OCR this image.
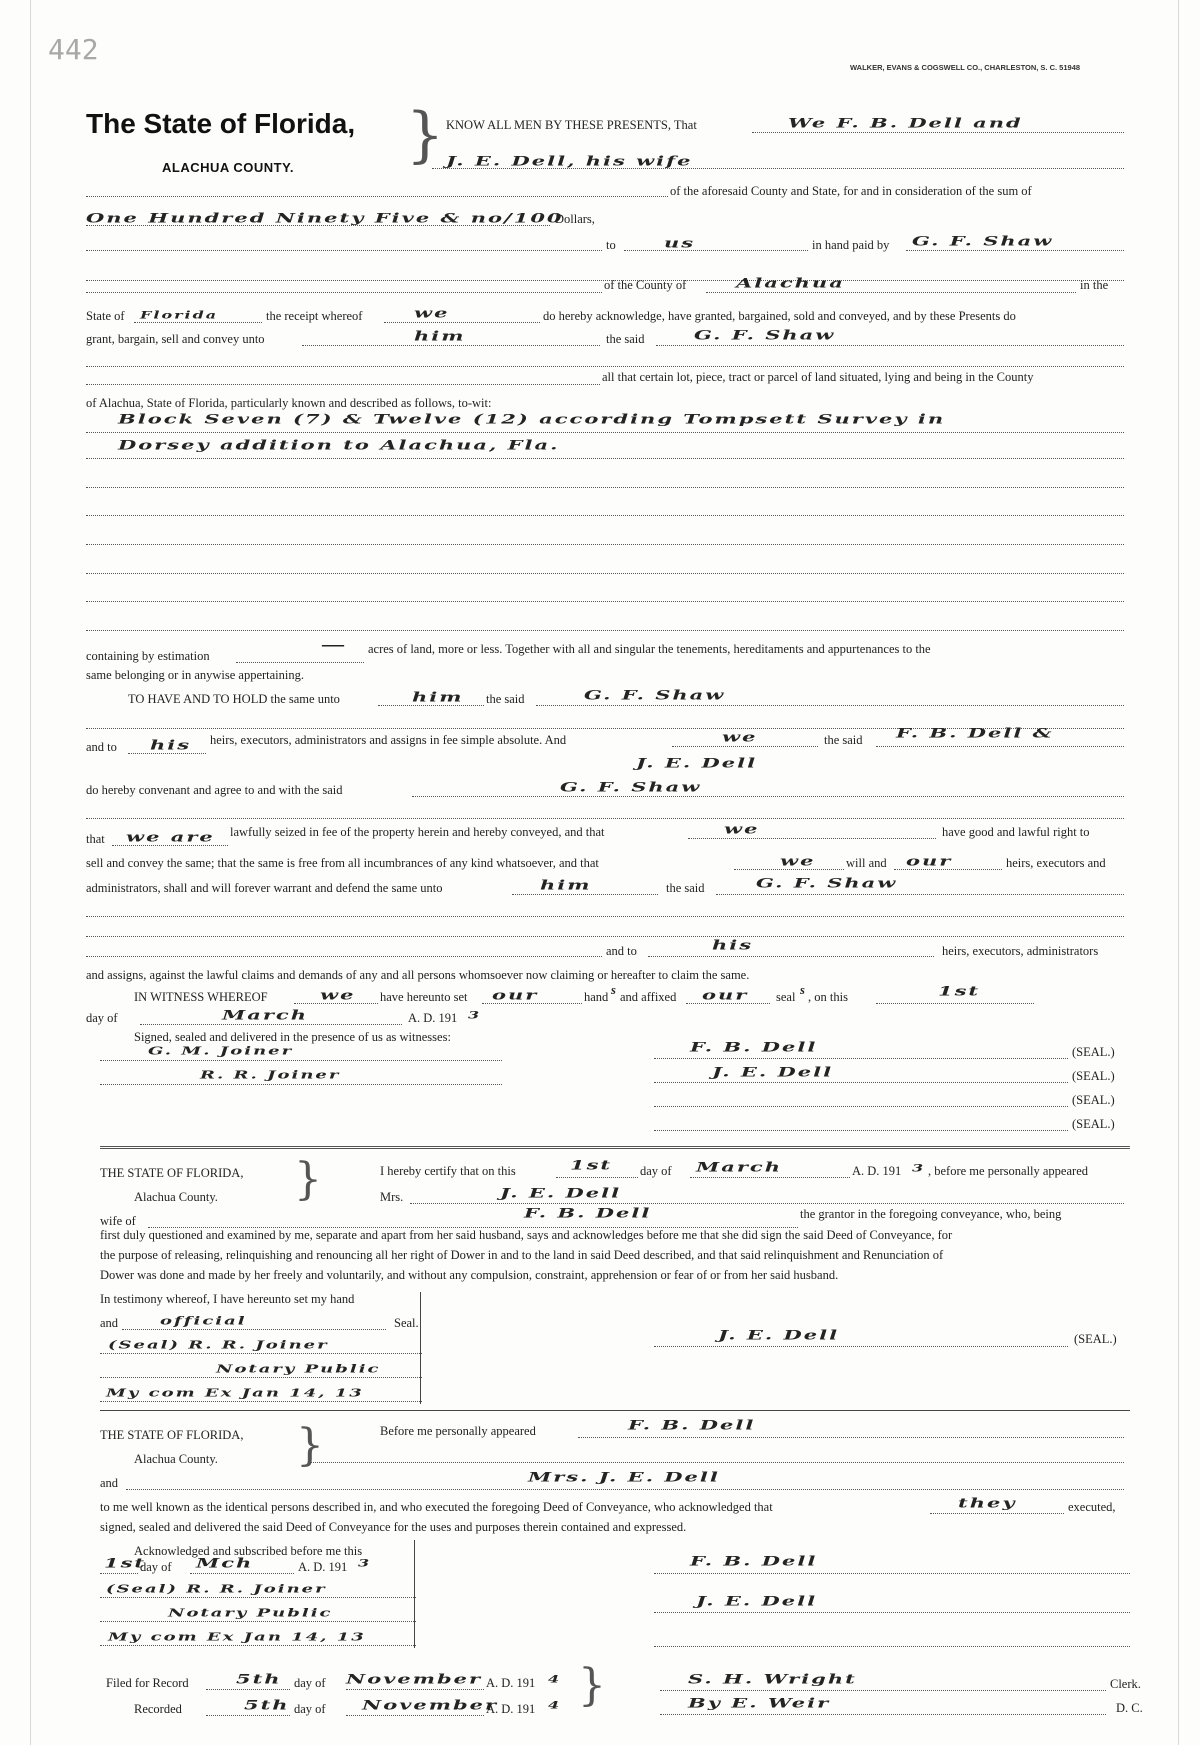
442
WALKER, EVANS & COGSWELL CO., CHARLESTON, S. C. 51948
The State of Florida,
ALACHUA COUNTY. } KNOW ALL MEN BY THESE PRESENTS, That	We F. B. Dell and
J. E. Dell, his wife
of the aforesaid County and State, for and in consideration of the sum of
One Hundred Ninety Five & no/100
Dollars,
to us	in hand paid by G. F. Shaw
of the County of Alachua	in the
State of Florida	the receipt whereof we	do hereby acknowledge, have granted, bargained, sold and conveyed, and by these Presents do
grant, bargain, sell and convey unto	him	the said G. F. Shaw
all that certain lot, piece, tract or parcel of land situated, lying and being in the County
of Alachua, State of Florida, particularly known and described as follows, to-wit:
Block Seven (7) & Twelve (12) according Tompsett Survey in
Dorsey addition to Alachua, Fla.
containing by estimation	— acres of land, more or less. Together with all and singular the tenements, hereditaments and appurtenances to the
same belonging or in anywise appertaining.
TO HAVE AND TO HOLD the same unto	him the said	G. F. Shaw
and to his heirs, executors, administrators and assigns in fee simple absolute. And	we	the said F. B. Dell &
J. E. Dell
do hereby convenant and agree to and with the said	G. F. Shaw
that we are lawfully seized in fee of the property herein and hereby conveyed, and that	we	have good and lawful right to
sell and convey the same; that the same is free from all incumbrances of any kind whatsoever, and that	we will and our	heirs, executors and
administrators, shall and will forever warrant and defend the same unto	him	the said G. F. Shaw
and to	his	heirs, executors, administrators
and assigns, against the lawful claims and demands of any and all persons whomsoever now claiming or hereafter to claim the same.
IN WITNESS WHEREOF we have hereunto set our	hand s and affixed our seal s , on this	1st
day of	March	A. D. 191 3
Signed, sealed and delivered in the presence of us as witnesses:
G. M. Joiner
R. R. Joiner
F. B. Dell	(SEAL.)
J. E. Dell	(SEAL.)
(SEAL.)
(SEAL.)
THE STATE OF FLORIDA, }
Alachua County.
I hereby certify that on this	1st day of March	A. D. 191 3 , before me personally appeared
Mrs.	J. E. Dell
wife of
F. B. Dell	the grantor in the foregoing conveyance, who, being
first duly questioned and examined by me, separate and apart from her said husband, says and acknowledges before me that she did sign the said Deed of Conveyance, for
the purpose of releasing, relinquishing and renouncing all her right of Dower in and to the land in said Deed described, and that said relinquishment and Renunciation of
Dower was done and made by her freely and voluntarily, and without any compulsion, constraint, apprehension or fear of or from her said husband.
In testimony whereof, I have hereunto set my hand
and official	Seal.
(Seal) R. R. Joiner
Notary Public
My com Ex Jan 14, 13
J. E. Dell	(SEAL.)
THE STATE OF FLORIDA, }
Alachua County.
Before me personally appeared	F. B. Dell
and	Mrs. J. E. Dell
to me well known as the identical persons described in, and who executed the foregoing Deed of Conveyance, who acknowledged that	they	executed,
signed, sealed and delivered the said Deed of Conveyance for the uses and purposes therein contained and expressed.
Acknowledged and subscribed before me this
1st
day of Mch	A. D. 191 3
(Seal) R. R. Joiner
Notary Public
My com Ex Jan 14, 13
F. B. Dell
J. E. Dell
Filed for Record 5th day of November A. D. 191 4
Recorded	5th day of November
A. D. 191 4 }	S. H. Wright	Clerk.
By E. Weir	D. C.
